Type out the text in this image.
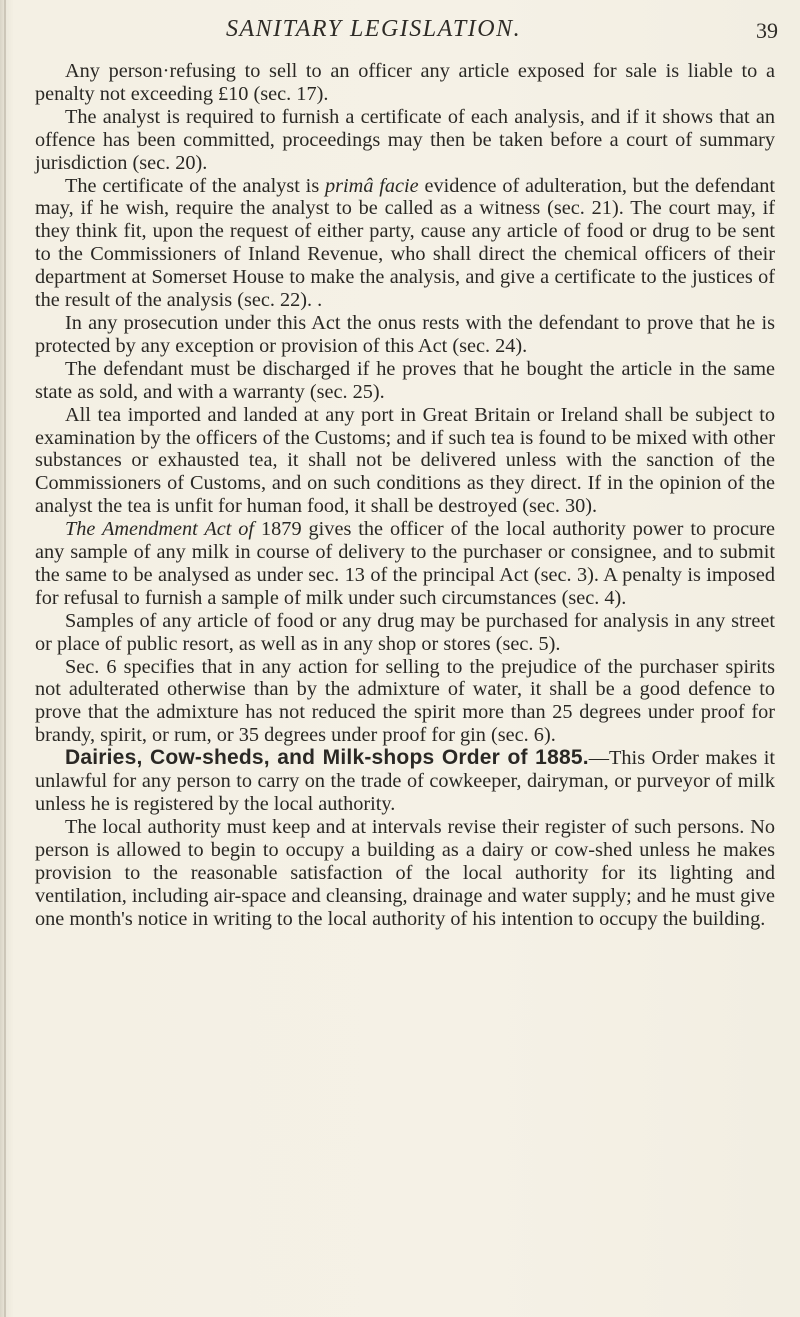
SANITARY LEGISLATION.	39

Any person·refusing to sell to an officer any article exposed for sale is liable to a penalty not exceeding £10 (sec. 17).

The analyst is required to furnish a certificate of each analysis, and if it shows that an offence has been committed, proceedings may then be taken before a court of summary jurisdiction (sec. 20).

The certificate of the analyst is primâ facie evidence of adulteration, but the defendant may, if he wish, require the analyst to be called as a witness (sec. 21). The court may, if they think fit, upon the request of either party, cause any article of food or drug to be sent to the Commissioners of Inland Revenue, who shall direct the chemical officers of their department at Somerset House to make the analysis, and give a certificate to the justices of the result of the analysis (sec. 22). .

In any prosecution under this Act the onus rests with the defendant to prove that he is protected by any exception or provision of this Act (sec. 24).

The defendant must be discharged if he proves that he bought the article in the same state as sold, and with a warranty (sec. 25).

All tea imported and landed at any port in Great Britain or Ireland shall be subject to examination by the officers of the Customs; and if such tea is found to be mixed with other substances or exhausted tea, it shall not be delivered unless with the sanction of the Commissioners of Customs, and on such conditions as they direct. If in the opinion of the analyst the tea is unfit for human food, it shall be destroyed (sec. 30).

The Amendment Act of 1879 gives the officer of the local authority power to procure any sample of any milk in course of delivery to the purchaser or consignee, and to submit the same to be analysed as under sec. 13 of the principal Act (sec. 3). A penalty is imposed for refusal to furnish a sample of milk under such circumstances (sec. 4).

Samples of any article of food or any drug may be purchased for analysis in any street or place of public resort, as well as in any shop or stores (sec. 5).

Sec. 6 specifies that in any action for selling to the prejudice of the purchaser spirits not adulterated otherwise than by the admixture of water, it shall be a good defence to prove that the admixture has not reduced the spirit more than 25 degrees under proof for brandy, spirit, or rum, or 35 degrees under proof for gin (sec. 6).

Dairies, Cow-sheds, and Milk-shops Order of 1885.—This Order makes it unlawful for any person to carry on the trade of cowkeeper, dairyman, or purveyor of milk unless he is registered by the local authority.

The local authority must keep and at intervals revise their register of such persons. No person is allowed to begin to occupy a building as a dairy or cow-shed unless he makes provision to the reasonable satisfaction of the local authority for its lighting and ventilation, including air-space and cleansing, drainage and water supply; and he must give one month's notice in writing to the local authority of his intention to occupy the building.
